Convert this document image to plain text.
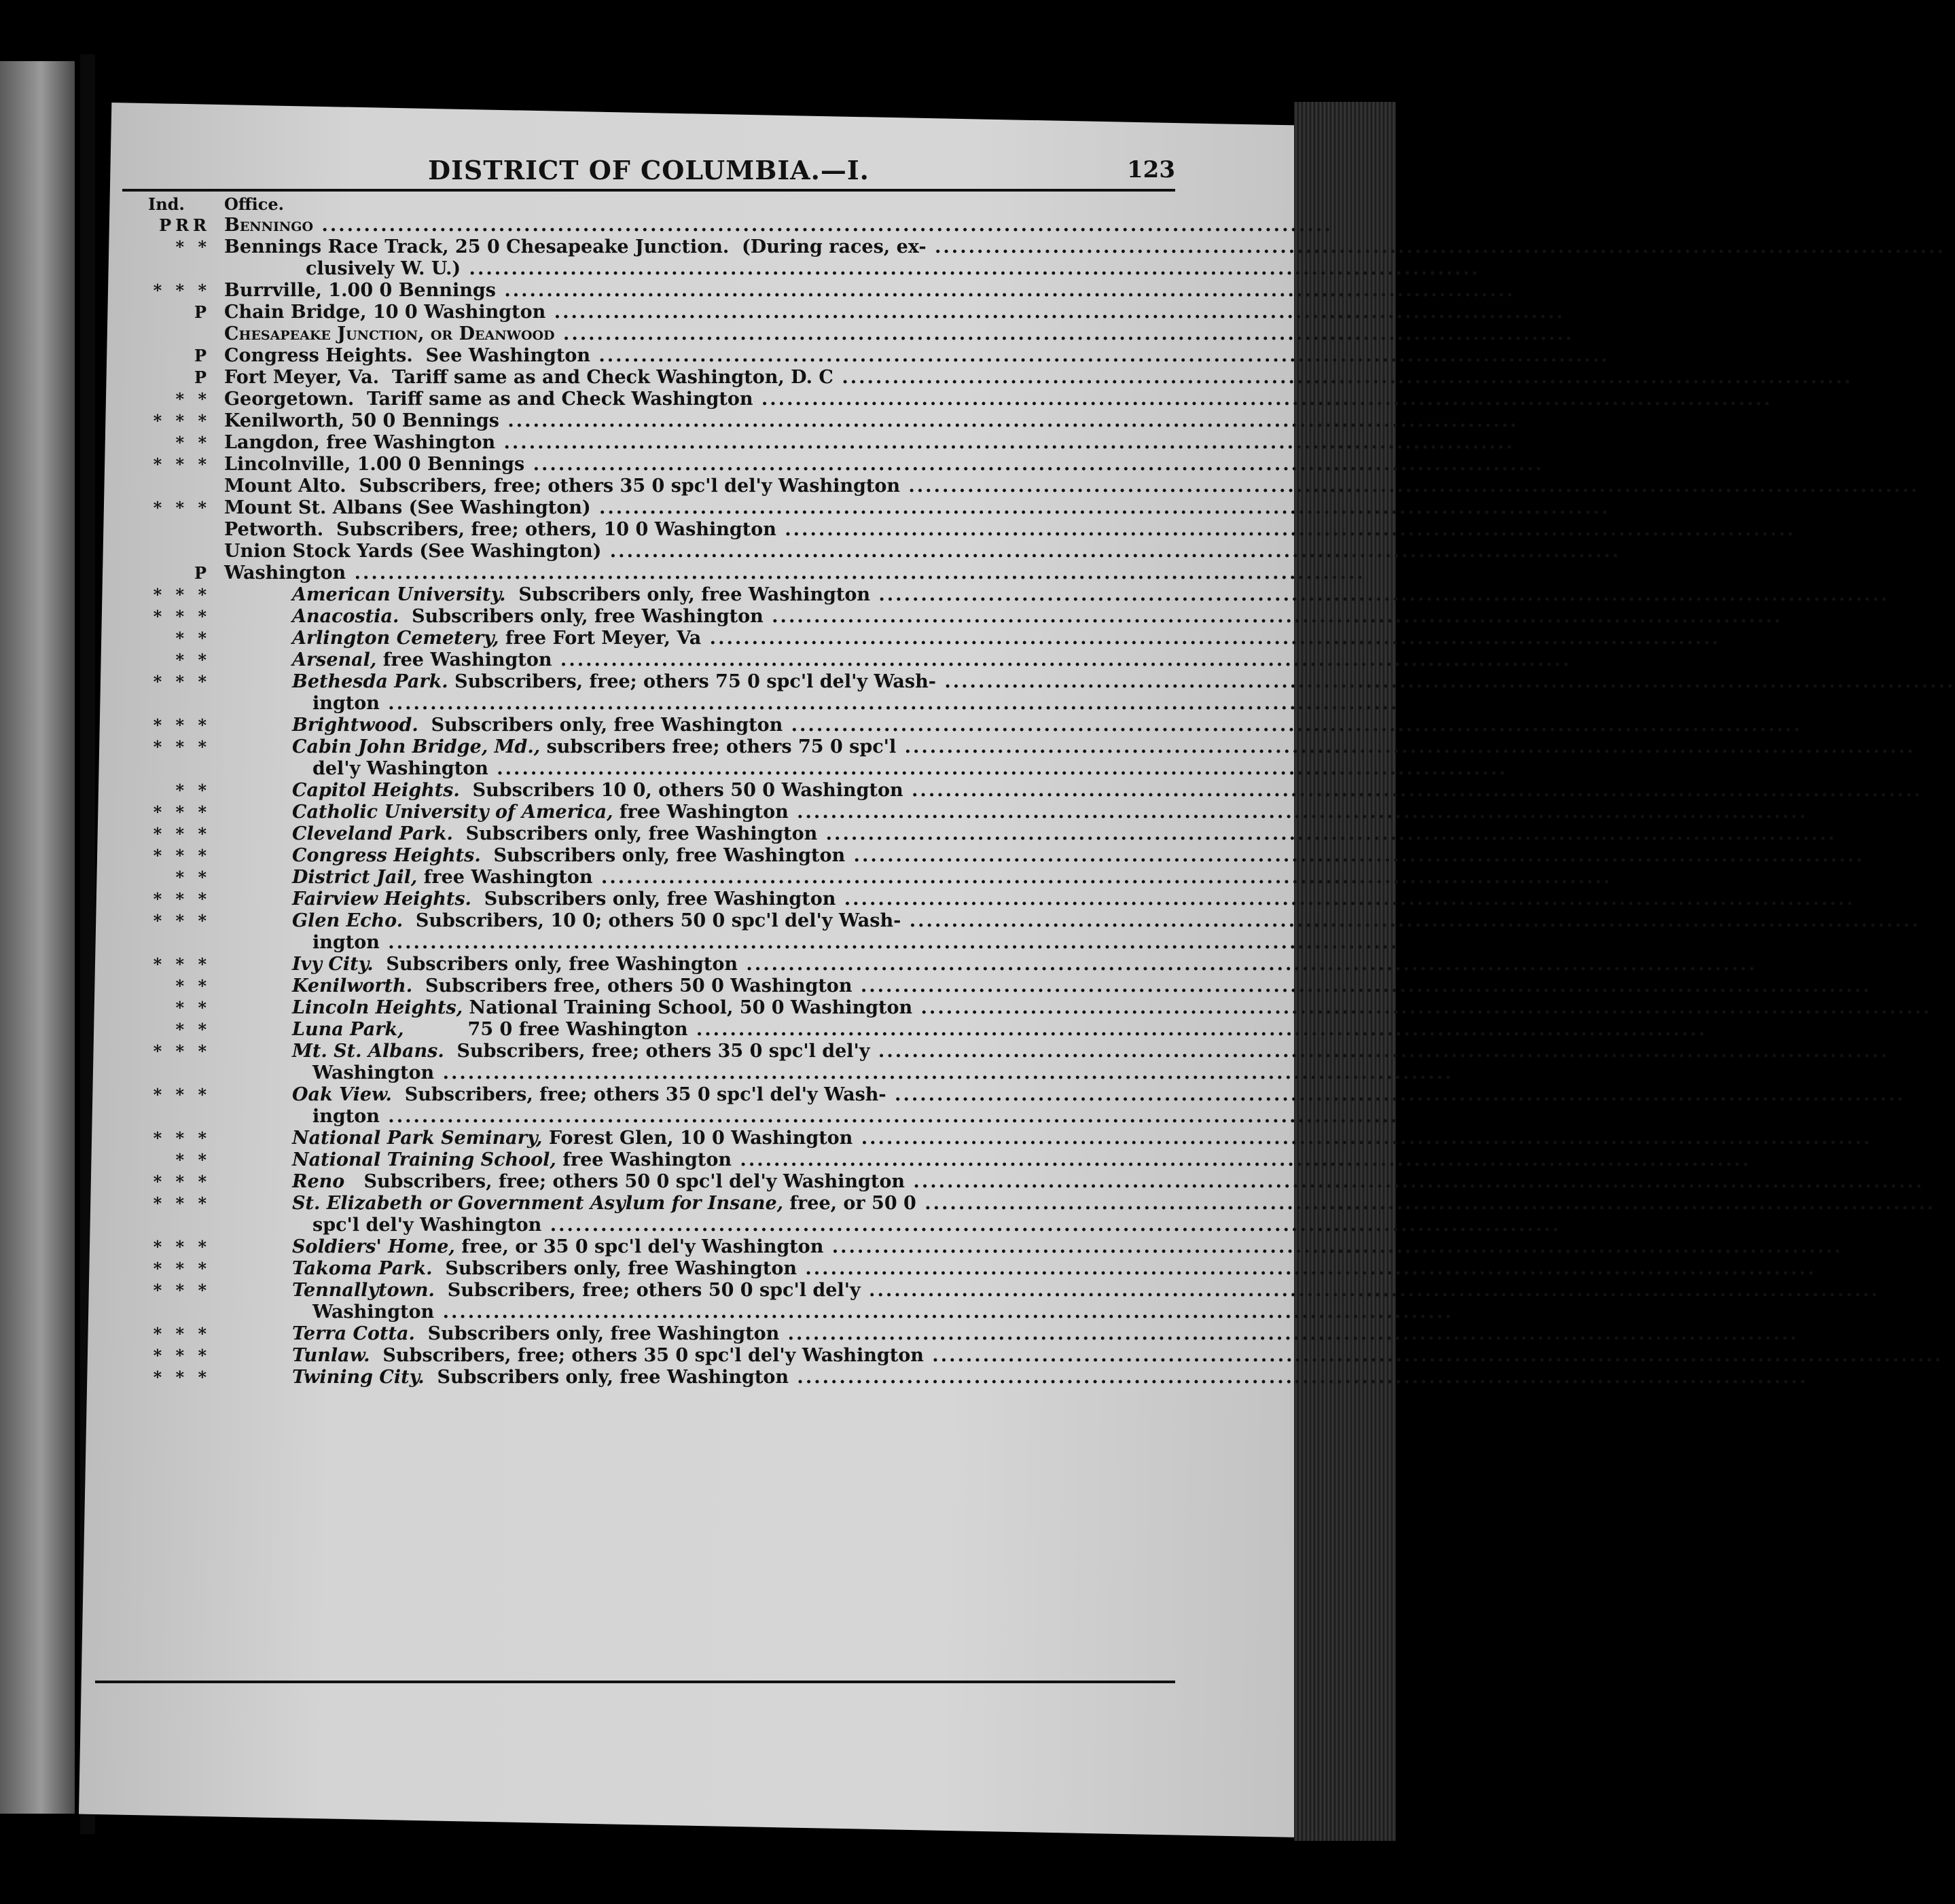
DISTRICT OF COLUMBIA.—I.	123
Ind. Office.
PRR Benningo ........................................................................................................................
* * Bennings Race Track, 25 0 Chesapeake Junction.  (During races, ex- ........................................................................................................................
clusively W. U.) ........................................................................................................................
* * * Burrville, 1.00 0 Bennings ........................................................................................................................
P Chain Bridge, 10 0 Washington ........................................................................................................................
Chesapeake Junction, or Deanwood ........................................................................................................................
P Congress Heights.  See Washington ........................................................................................................................
P Fort Meyer, Va.  Tariff same as and Check Washington, D. C ........................................................................................................................
* * Georgetown.  Tariff same as and Check Washington ........................................................................................................................
* * * Kenilworth, 50 0 Bennings ........................................................................................................................
* * Langdon, free Washington ........................................................................................................................
* * * Lincolnville, 1.00 0 Bennings ........................................................................................................................
Mount Alto.  Subscribers, free; others 35 0 spc'l del'y Washington ........................................................................................................................
* * * Mount St. Albans (See Washington) ........................................................................................................................
Petworth.  Subscribers, free; others, 10 0 Washington ........................................................................................................................
Union Stock Yards (See Washington) ........................................................................................................................
P Washington ........................................................................................................................
* * *	American University.  Subscribers only, free Washington ........................................................................................................................
* * *	Anacostia.  Subscribers only, free Washington ........................................................................................................................
* *	Arlington Cemetery, free Fort Meyer, Va ........................................................................................................................
* *	Arsenal, free Washington ........................................................................................................................
* * *	Bethesda Park. Subscribers, free; others 75 0 spc'l del'y Wash- ........................................................................................................................
ington ........................................................................................................................
* * *	Brightwood.  Subscribers only, free Washington ........................................................................................................................
* * *	Cabin John Bridge, Md., subscribers free; others 75 0 spc'l ........................................................................................................................
del'y Washington ........................................................................................................................
* *	Capitol Heights.  Subscribers 10 0, others 50 0 Washington ........................................................................................................................
* * *	Catholic University of America, free Washington ........................................................................................................................
* * *	Cleveland Park.  Subscribers only, free Washington ........................................................................................................................
* * *	Congress Heights.  Subscribers only, free Washington ........................................................................................................................
* *	District Jail, free Washington ........................................................................................................................
* * *	Fairview Heights.  Subscribers only, free Washington ........................................................................................................................
* * *	Glen Echo.  Subscribers, 10 0; others 50 0 spc'l del'y Wash- ........................................................................................................................
ington ........................................................................................................................
* * *	Ivy City.  Subscribers only, free Washington ........................................................................................................................
* *	Kenilworth.  Subscribers free, others 50 0 Washington ........................................................................................................................
* *	Lincoln Heights, National Training School, 50 0 Washington ........................................................................................................................
* *	Luna Park,          75 0 free Washington ........................................................................................................................
* * *	Mt. St. Albans.  Subscribers, free; others 35 0 spc'l del'y ........................................................................................................................
Washington ........................................................................................................................
* * *	Oak View.  Subscribers, free; others 35 0 spc'l del'y Wash- ........................................................................................................................
ington ........................................................................................................................
* * *	National Park Seminary, Forest Glen, 10 0 Washington ........................................................................................................................
* *	National Training School, free Washington ........................................................................................................................
* * *	Reno   Subscribers, free; others 50 0 spc'l del'y Washington ........................................................................................................................
* * *	St. Elizabeth or Government Asylum for Insane, free, or 50 0 ........................................................................................................................
spc'l del'y Washington ........................................................................................................................
* * *	Soldiers' Home, free, or 35 0 spc'l del'y Washington ........................................................................................................................
* * *	Takoma Park.  Subscribers only, free Washington ........................................................................................................................
* * *	Tennallytown.  Subscribers, free; others 50 0 spc'l del'y ........................................................................................................................
Washington ........................................................................................................................
* * *	Terra Cotta.  Subscribers only, free Washington ........................................................................................................................
* * *	Tunlaw.  Subscribers, free; others 35 0 spc'l del'y Washington ........................................................................................................................
* * *	Twining City.  Subscribers only, free Washington ........................................................................................................................
